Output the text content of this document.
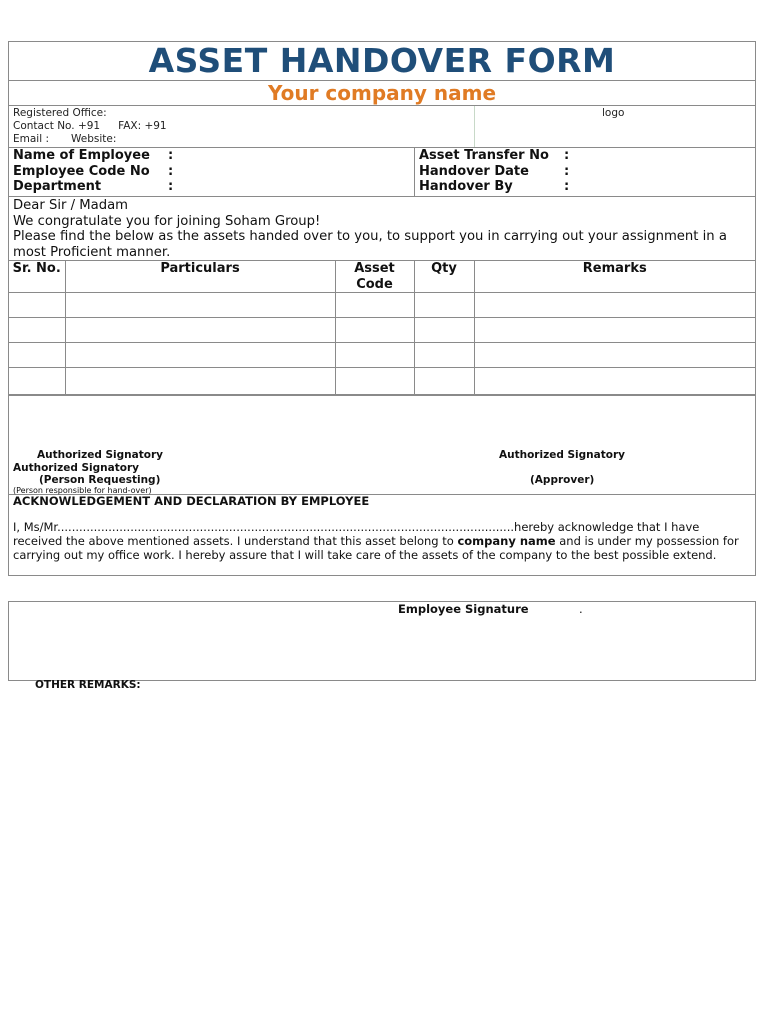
ASSET HANDOVER FORM
Your company name
Registered Office:
Contact No. +91 FAX: +91
Email : Website:
logo
Name of Employee :
Employee Code No :
Department	:
Asset Transfer No :
Handover Date	:
Handover By	:
Dear Sir / Madam
We congratulate you for joining Soham Group!
Please find the below as the assets handed over to you, to support you in carrying out your assignment in a most Proficient manner.
Sr. No.	Particulars	Asset Code	Qty	Remarks

Authorized Signatory
Authorized Signatory
(Person Requesting)
(Person responsible for hand-over)
Authorized Signatory
(Approver)
ACKNOWLEDGEMENT AND DECLARATION BY EMPLOYEE
I, Ms/Mr.............................................................................................................................hereby acknowledge that I have received the above mentioned assets. I understand that this asset belong to company name and is under my possession for carrying out my office work. I hereby assure that I will take care of the assets of the company to the best possible extend.
Employee Signature	.
OTHER REMARKS:
